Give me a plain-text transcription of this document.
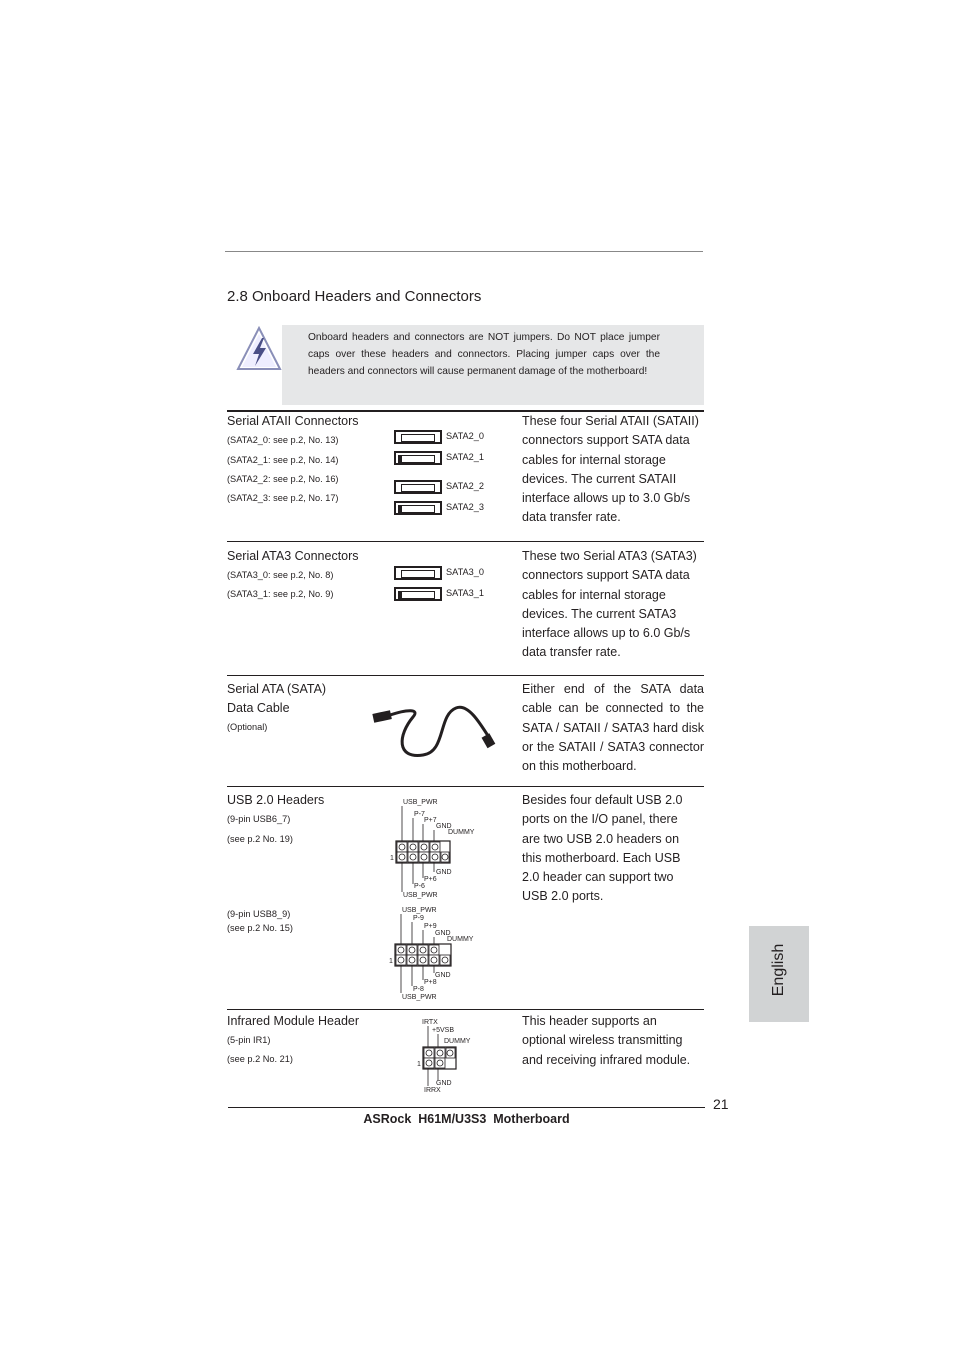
2.8 Onboard Headers and Connectors
Onboard headers and connectors are NOT jumpers. Do NOT place jumper caps over these headers and connectors. Placing jumper caps over the headers and connectors will cause permanent damage of the motherboard!
Serial ATAII Connectors
(SATA2_0: see p.2, No. 13)
(SATA2_1: see p.2, No. 14)
(SATA2_2: see p.2, No. 16)
(SATA2_3: see p.2, No. 17)
SATA2_0
SATA2_1
SATA2_2
SATA2_3
These four Serial ATAII (SATAII) connectors support SATA data cables for internal storage devices. The current SATAII interface allows up to 3.0 Gb/s data transfer rate.
Serial ATA3 Connectors
(SATA3_0: see p.2, No. 8)
(SATA3_1: see p.2, No. 9)
SATA3_0
SATA3_1
These two Serial ATA3 (SATA3) connectors support SATA data cables for internal storage devices. The current SATA3 interface allows up to 6.0 Gb/s data transfer rate.
Serial ATA (SATA)
Data Cable
(Optional)
Either end of the SATA data cable can be connected to the SATA / SATAII / SATA3 hard disk or the SATAII / SATA3 connector on this motherboard.
USB 2.0 Headers
(9-pin USB6_7)
(see p.2 No. 19)
(9-pin USB8_9)
(see p.2 No. 15)
USB_PWR
P-7
P+7
GND
DUMMY
1
GND
P+6
P-6
USB_PWR
USB_PWR
P-9
P+9
GND
DUMMY
1
GND
P+8
P-8
USB_PWR
Besides four default USB 2.0 ports on the I/O panel, there are two USB 2.0 headers on this motherboard. Each USB 2.0 header can support two USB 2.0 ports.
Infrared Module Header
(5-pin IR1)
(see p.2 No. 21)
IRTX
+5VSB
DUMMY
1
GND
IRRX
This header supports an optional wireless transmitting and receiving infrared module.
21
ASRock  H61M/U3S3  Motherboard
English
